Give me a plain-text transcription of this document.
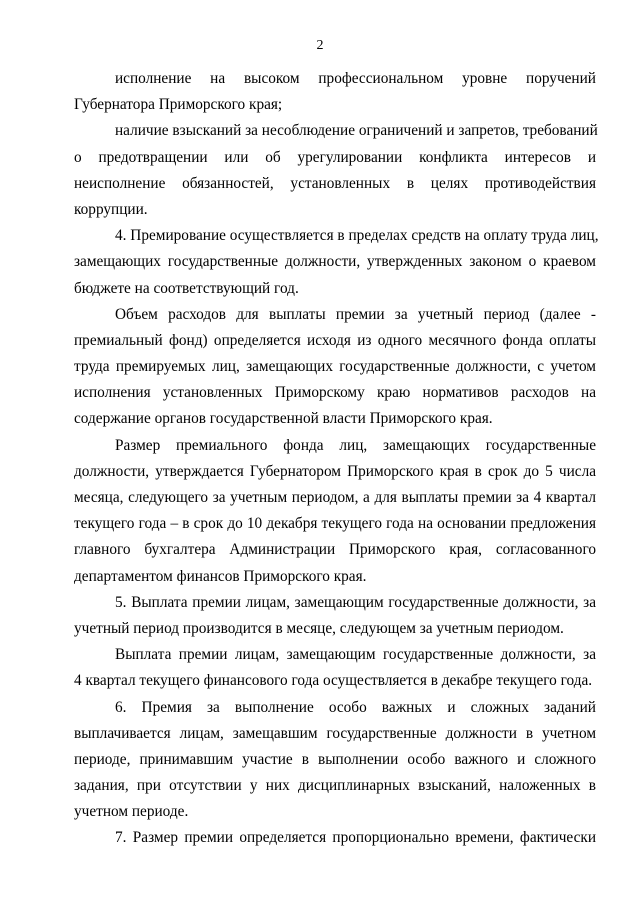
2
исполнение на высоком профессиональном уровне поручений
Губернатора Приморского края;
наличие взысканий за несоблюдение ограничений и запретов, требований
о предотвращении или об урегулировании конфликта интересов и
неисполнение обязанностей, установленных в целях противодействия
коррупции.
4. Премирование осуществляется в пределах средств на оплату труда лиц,
замещающих государственные должности, утвержденных законом о краевом
бюджете на соответствующий год.
Объем расходов для выплаты премии за учетный период (далее -
премиальный фонд) определяется исходя из одного месячного фонда оплаты
труда премируемых лиц, замещающих государственные должности, с учетом
исполнения установленных Приморскому краю нормативов расходов на
содержание органов государственной власти Приморского края.
Размер премиального фонда лиц, замещающих государственные
должности, утверждается Губернатором Приморского края в срок до 5 числа
месяца, следующего за учетным периодом, а для выплаты премии за 4 квартал
текущего года – в срок до 10 декабря текущего года на основании предложения
главного бухгалтера Администрации Приморского края, согласованного
департаментом финансов Приморского края.
5. Выплата премии лицам, замещающим государственные должности, за
учетный период производится в месяце, следующем за учетным периодом.
Выплата премии лицам, замещающим государственные должности, за
4 квартал текущего финансового года осуществляется в декабре текущего года.
6. Премия за выполнение особо важных и сложных заданий
выплачивается лицам, замещавшим государственные должности в учетном
периоде, принимавшим участие в выполнении особо важного и сложного
задания, при отсутствии у них дисциплинарных взысканий, наложенных в
учетном периоде.
7. Размер премии определяется пропорционально времени, фактически
